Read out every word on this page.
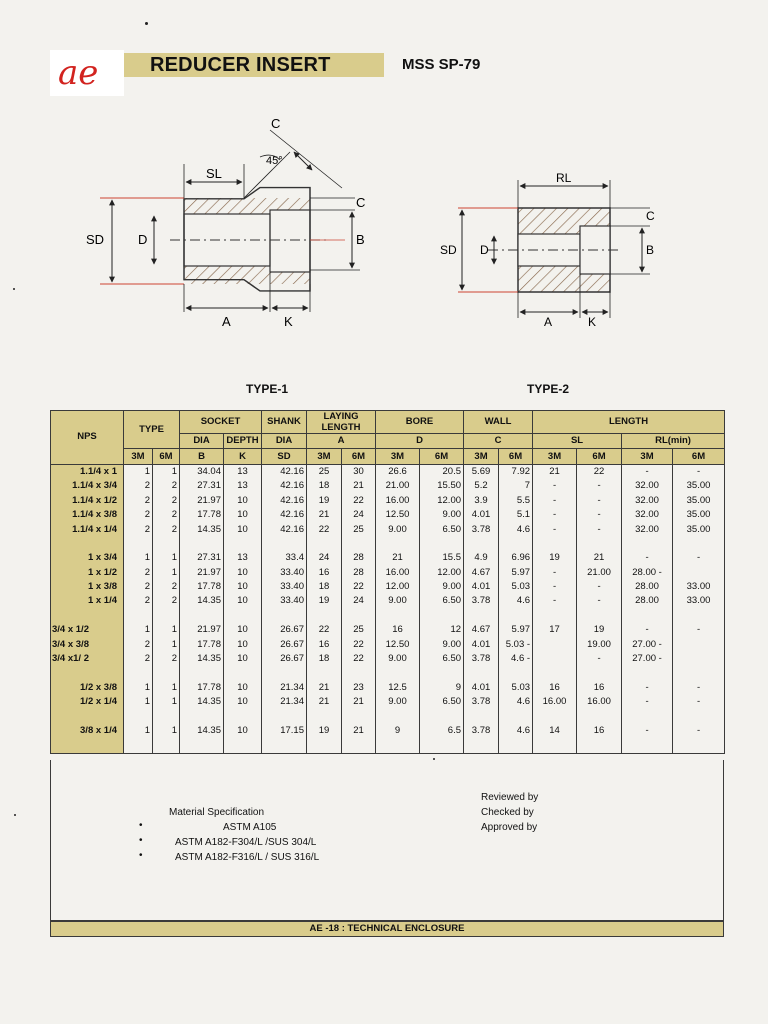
ae	REDUCER INSERT	MSS SP-79
SD	D
SL
45°
C
C
B
A	K
TYPE-1
RL
SD D
C
B
A	K
TYPE-2
NPS	TYPE		SOCKET		SHANK	LAYING LENGTH		BORE		WALL		LENGTH			
			DIA	DEPTH	DIA	A		D		C		SL		RL(min)	
	3M	6M	B	K	SD	3M	6M	3M	6M	3M	6M	3M	6M	3M	6M
1.1/4 x 1	1	1	34.04	13	42.16	25	30	26.6	20.5	5.69	7.92	21	22	-	-
1.1/4 x 3/4	2	2	27.31	13	42.16	18	21	21.00	15.50	5.2	7	-	-	32.00	35.00
1.1/4 x 1/2	2	2	21.97	10	42.16	19	22	16.00	12.00	3.9	5.5	-	-	32.00	35.00
1.1/4 x 3/8	2	2	17.78	10	42.16	21	24	12.50	9.00	4.01	5.1	-	-	32.00	35.00
1.1/4 x 1/4	2	2	14.35	10	42.16	22	25	9.00	6.50	3.78	4.6	-	-	32.00	35.00

1 x 3/4	1	1	27.31	13	33.4	24	28	21	15.5	4.9	6.96	19	21	-	-
1 x 1/2	2	1	21.97	10	33.40	16	28	16.00	12.00	4.67	5.97	-	21.00	28.00 -	
1 x 3/8	2	2	17.78	10	33.40	18	22	12.00	9.00	4.01	5.03	-	-	28.00	33.00
1 x 1/4	2	2	14.35	10	33.40	19	24	9.00	6.50	3.78	4.6	-	-	28.00	33.00

3/4 x 1/2	1	1	21.97	10	26.67	22	25	16	12	4.67	5.97	17	19	-	-
3/4 x 3/8	2	1	17.78	10	26.67	16	22	12.50	9.00	4.01	5.03 -		19.00	27.00 -	
3/4 x1/ 2	2	2	14.35	10	26.67	18	22	9.00	6.50	3.78	4.6 -		-	27.00 -	

1/2 x 3/8	1	1	17.78	10	21.34	21	23	12.5	9	4.01	5.03	16	16	-	-
1/2 x 1/4	1	1	14.35	10	21.34	21	21	9.00	6.50	3.78	4.6	16.00	16.00	-	-

3/8 x 1/4	1	1	14.35	10	17.15	19	21	9	6.5	3.78	4.6	14	16	-	-

Material Specification
•	ASTM A105
•	ASTM A182-F304/L /SUS 304/L
•	ASTM A182-F316/L / SUS 316/L
Reviewed by
Checked by
Approved by
AE -18 : TECHNICAL ENCLOSURE
